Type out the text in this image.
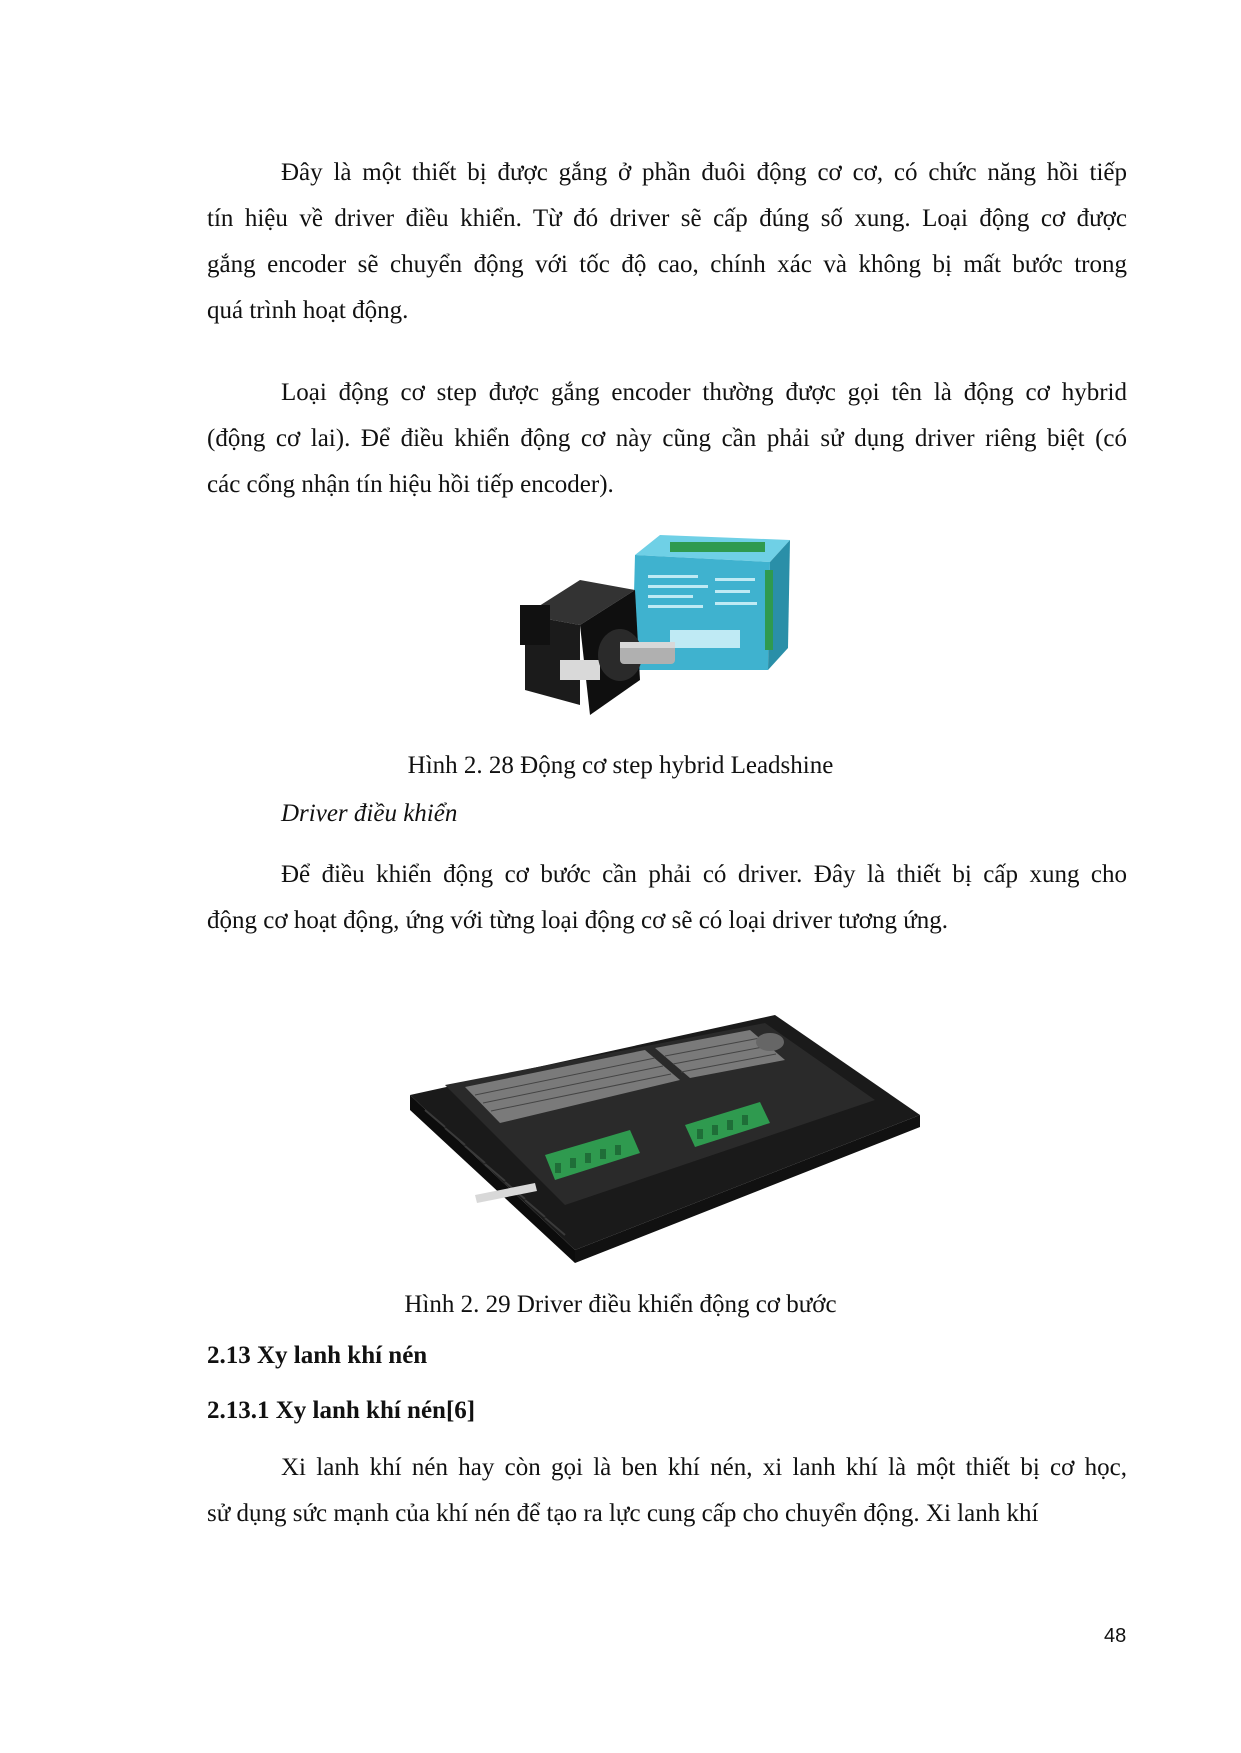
Đây là một thiết bị được gắng ở phần đuôi động cơ cơ, có chức năng hồi tiếp
tín hiệu về driver điều khiển. Từ đó driver sẽ cấp đúng số xung. Loại động cơ được
gắng encoder sẽ chuyển động với tốc độ cao, chính xác và không bị mất bước trong
quá trình hoạt động.

Loại động cơ step được gắng encoder thường được gọi tên là động cơ hybrid
(động cơ lai). Để điều khiển động cơ này cũng cần phải sử dụng driver riêng biệt (có
các cổng nhận tín hiệu hồi tiếp encoder).

Hình 2. 28 Động cơ step hybrid Leadshine

Driver điều khiển

Để điều khiển động cơ bước cần phải có driver. Đây là thiết bị cấp xung cho
động cơ hoạt động, ứng với từng loại động cơ sẽ có loại driver tương ứng.

Hình 2. 29 Driver điều khiển động cơ bước

2.13 Xy lanh khí nén

2.13.1 Xy lanh khí nén[6]

Xi lanh khí nén hay còn gọi là ben khí nén, xi lanh khí là một thiết bị cơ học,
sử dụng sức mạnh của khí nén để tạo ra lực cung cấp cho chuyển động. Xi lanh khí

48
